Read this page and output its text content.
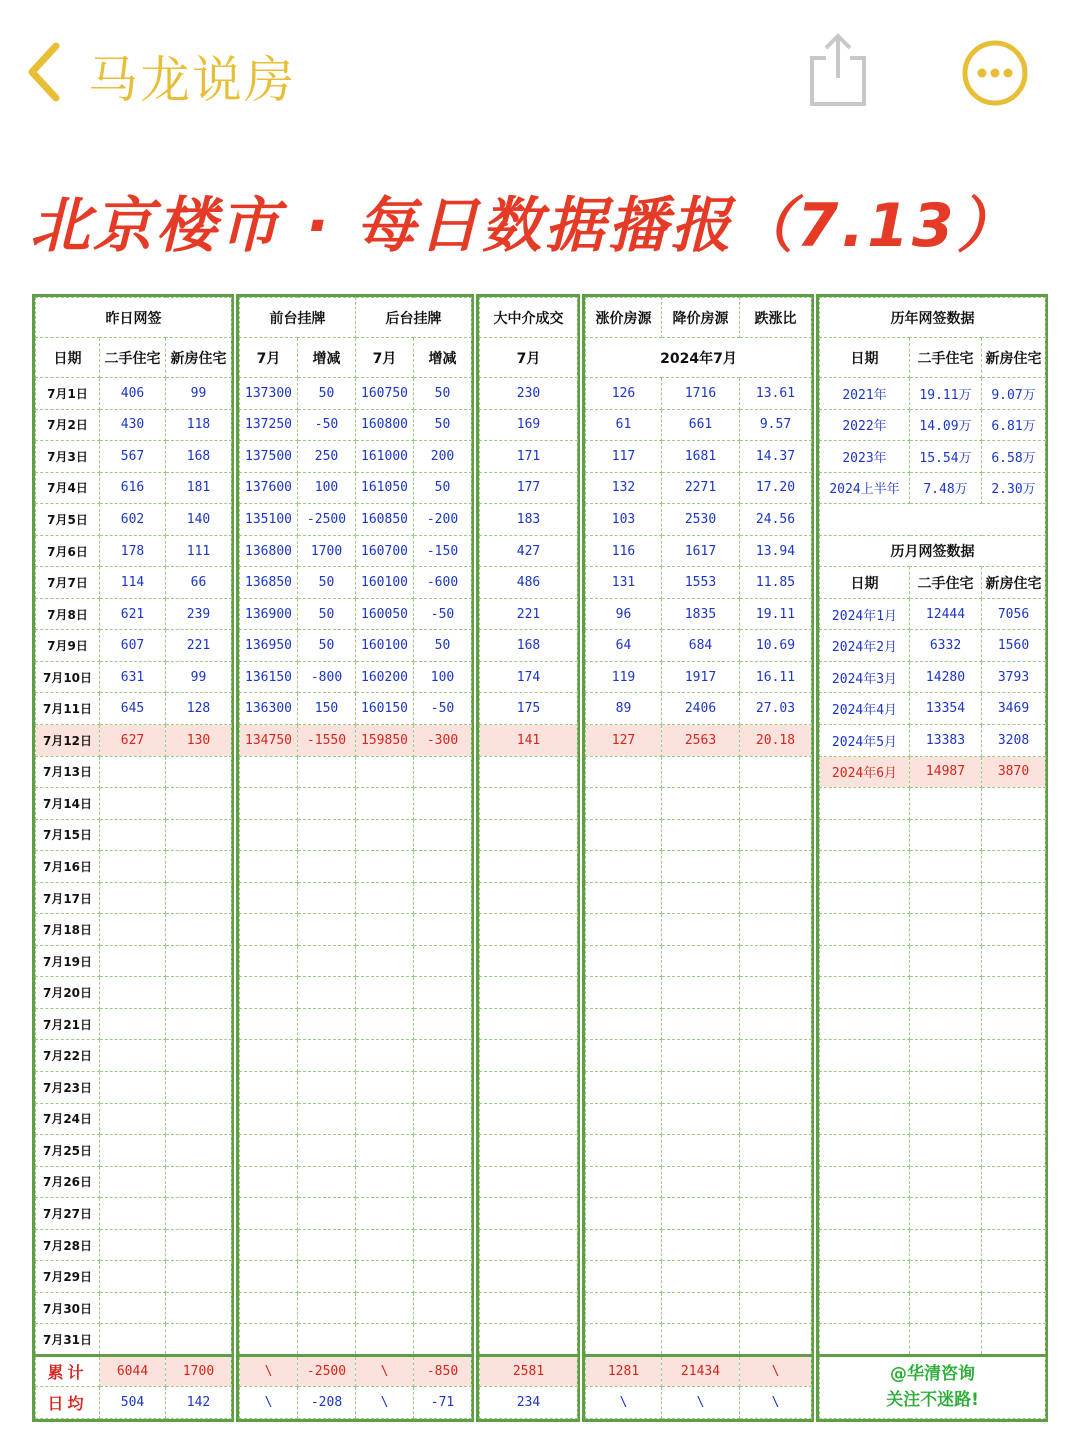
马龙说房
北京楼市 · 每日数据播报（7.13）
昨日网签		
日期	二手住宅	新房住宅
7月1日	406	99
7月2日	430	118
7月3日	567	168
7月4日	616	181
7月5日	602	140
7月6日	178	111
7月7日	114	66
7月8日	621	239
7月9日	607	221
7月10日	631	99
7月11日	645	128
7月12日	627	130
7月13日		
7月14日		
7月15日		
7月16日		
7月17日		
7月18日		
7月19日		
7月20日		
7月21日		
7月22日		
7月23日		
7月24日		
7月25日		
7月26日		
7月27日		
7月28日		
7月29日		
7月30日		
7月31日		
累计	6044	1700
日均	504	142
前台挂牌		后台挂牌	
7月	增减	7月	增减
137300	50	160750	50
137250	-50	160800	50
137500	250	161000	200
137600	100	161050	50
135100	-2500	160850	-200
136800	1700	160700	-150
136850	50	160100	-600
136900	50	160050	-50
136950	50	160100	50
136150	-800	160200	100
136300	150	160150	-50
134750	-1550	159850	-300

\	-2500	\	-850
\	-208	\	-71
大中介成交
7月
230
169
171
177
183
427
486
221
168
174
175
141

2581
234
涨价房源	降价房源	跌涨比
2024年7月		
126	1716	13.61
61	661	9.57
117	1681	14.37
132	2271	17.20
103	2530	24.56
116	1617	13.94
131	1553	11.85
96	1835	19.11
64	684	10.69
119	1917	16.11
89	2406	27.03
127	2563	20.18

1281	21434	\
\	\	\
历年网签数据		
日期	二手住宅	新房住宅
2021年	19.11万	9.07万
2022年	14.09万	6.81万
2023年	15.54万	6.58万
2024上半年	7.48万	2.30万

历月网签数据		
日期	二手住宅	新房住宅
2024年1月	12444	7056
2024年2月	6332	1560
2024年3月	14280	3793
2024年4月	13354	3469
2024年5月	13383	3208
2024年6月	14987	3870

@华清咨询
关注不迷路!		
